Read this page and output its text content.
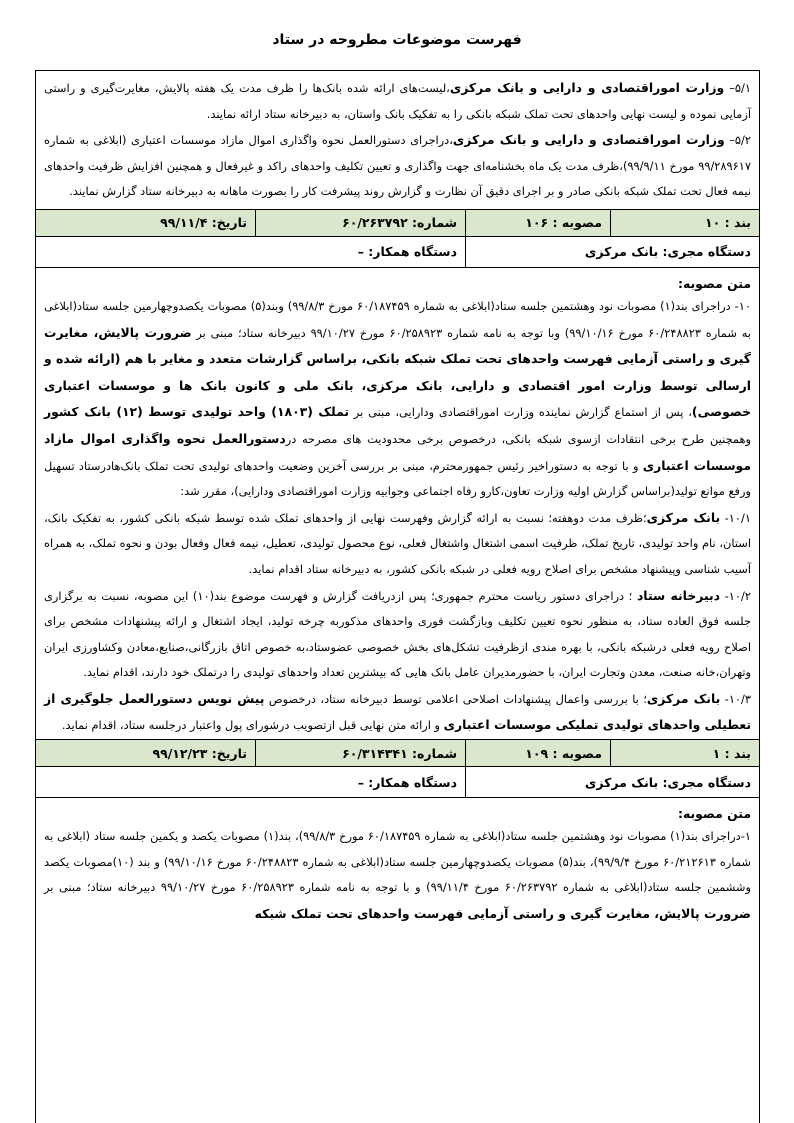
فهرست موضوعات مطروحه در ستاد

۵/۱– وزارت اموراقتصادی و دارایی و بانک مرکزی،لیست‌های ارائه شده بانک‌ها را ظرف مدت یک هفته پالایش، مغایرت‌گیری و راستی آزمایی نموده و لیست نهایی واحدهای تحت تملک شبکه بانکی را به تفکیک بانک واستان، به دبیرخانه ستاد ارائه نمایند.

۵/۲– وزارت اموراقتصادی و دارایی و بانک مرکزی،دراجرای دستورالعمل نحوه واگذاری اموال مازاد موسسات اعتباری (ابلاغی به شماره ۹۹/۲۸۹۶۱۷ مورخ ۹۹/۹/۱۱)،ظرف مدت یک ماه بخشنامه‌ای جهت واگذاری و تعیین تکلیف واحدهای راکد و غیرفعال و همچنین افزایش ظرفیت واحدهای نیمه فعال تحت تملک شبکه بانکی صادر و بر اجرای دقیق آن نظارت و گزارش روند پیشرفت کار را بصورت ماهانه به دبیرخانه ستاد گزارش نمایند.

بند : ۱۰
مصوبه : ۱۰۶
شماره: ۶۰/۲۶۳۷۹۲
تاریخ: ۹۹/۱۱/۴
دستگاه مجری: بانک مرکزی
دستگاه همکار: –
متن مصوبه:

۱۰- دراجرای بند(۱) مصوبات نود وهشتمین جلسه ستاد(ابلاغی به شماره ۶۰/۱۸۷۴۵۹ مورخ ۹۹/۸/۳) وبند(۵) مصوبات یکصدوچهارمین جلسه ستاد(ابلاغی به شماره ۶۰/۲۴۸۸۲۳ مورخ ۹۹/۱۰/۱۶) وبا توجه به نامه شماره ۶۰/۲۵۸۹۲۳ مورخ ۹۹/۱۰/۲۷ دبیرخانه ستاد؛ مبنی بر ضرورت پالایش، مغایرت گیری و راستی آزمایی فهرست واحدهای تحت تملک شبکه بانکی، براساس گزارشات متعدد و مغایر با هم (ارائه شده و ارسالی توسط وزارت امور اقتصادی و دارایی، بانک مرکزی، بانک ملی و کانون بانک ها و موسسات اعتباری خصوصی)، پس از استماع گزارش نماینده وزارت اموراقتصادی ودارایی، مبنی بر تملک (۱۸۰۳) واحد تولیدی توسط (۱۲) بانک کشور وهمچنین طرح برخی انتقادات ازسوی شبکه بانکی، درخصوص برخی محدودیت های مصرحه دردستورالعمل نحوه واگذاری اموال مازاد موسسات اعتباری و با توجه به دستوراخیر رئیس جمهورمحترم، مبنی بر بررسی آخرین وضعیت واحدهای تولیدی تحت تملک بانک‌هادرستاد تسهیل ورفع موانع تولید(براساس گزارش اولیه وزارت تعاون،کارو رفاه اجتماعی وجوابیه وزارت اموراقتصادی ودارایی)، مقرر شد:

۱۰/۱- بانک مرکزی؛ظرف مدت دوهفته؛ نسبت به ارائه گزارش وفهرست نهایی از واحدهای تملک شده توسط شبکه بانکی کشور، به تفکیک بانک، استان، نام واحد تولیدی، تاریخ تملک، ظرفیت اسمی اشتغال واشتغال فعلی، نوع محصول تولیدی، تعطیل، نیمه فعال وفعال بودن و نحوه تملک، به همراه آسیب شناسی وپیشنهاد مشخص برای اصلاح رویه فعلی در شبکه بانکی کشور، به دبیرخانه ستاد اقدام نماید.

۱۰/۲- دبیرخانه ستاد ؛ دراجرای دستور ریاست محترم جمهوری؛ پس ازدریافت گزارش و فهرست موضوع بند(۱۰) این مصوبه، نسبت به برگزاری جلسه فوق العاده ستاد، به منظور نحوه تعیین تکلیف وبازگشت فوری واحدهای مذکوربه چرخه تولید، ایجاد اشتغال و ارائه پیشنهادات مشخص برای اصلاح رویه فعلی درشبکه بانکی، با بهره مندی ازظرفیت تشکل‌های بخش خصوصی عضوستاد،به خصوص اتاق بازرگانی،صنایع،معادن وکشاورزی ایران وتهران،خانه صنعت، معدن وتجارت ایران، با حضورمدیران عامل بانک هایی که بیشترین تعداد واحدهای تولیدی را درتملک خود دارند، اقدام نماید.

۱۰/۳- بانک مرکزی؛ با بررسی واعمال پیشنهادات اصلاحی اعلامی توسط دبیرخانه ستاد، درخصوص پیش نویس دستورالعمل جلوگیری از تعطیلی واحدهای تولیدی تملیکی موسسات اعتباری و ارائه متن نهایی قبل ازتصویب درشورای پول واعتبار درجلسه ستاد، اقدام نماید.

بند : ۱
مصوبه : ۱۰۹
شماره: ۶۰/۳۱۴۳۴۱
تاریخ: ۹۹/۱۲/۲۳
دستگاه مجری: بانک مرکزی
دستگاه همکار: –
متن مصوبه:

۱-دراجرای بند(۱) مصوبات نود وهشتمین جلسه ستاد(ابلاغی به شماره ۶۰/۱۸۷۴۵۹ مورخ ۹۹/۸/۳)، بند(۱) مصوبات یکصد و یکمین جلسه ستاد (ابلاغی به شماره ۶۰/۲۱۲۶۱۳ مورخ ۹۹/۹/۴)، بند(۵) مصوبات یکصدوچهارمین جلسه ستاد(ابلاغی به شماره ۶۰/۲۴۸۸۲۳ مورخ ۹۹/۱۰/۱۶) و بند (۱۰)مصوبات یکصد وششمین جلسه ستاد(ابلاغی به شماره ۶۰/۲۶۳۷۹۲ مورخ ۹۹/۱۱/۴) و با توجه به نامه شماره ۶۰/۲۵۸۹۲۳ مورخ ۹۹/۱۰/۲۷ دبیرخانه ستاد؛ مبنی بر ضرورت پالایش، مغایرت گیری و راستی آزمایی فهرست واحدهای تحت تملک شبکه
